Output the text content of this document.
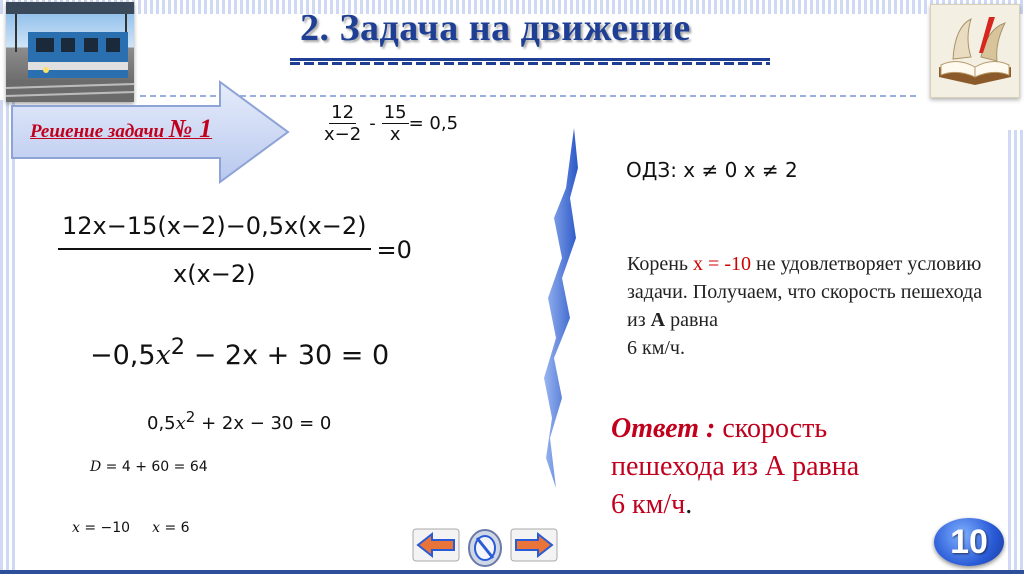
2. Задача на движение
Решение задачи № 1	$\frac{12}{x-2} - \frac{15}{x} = 0,5$
ОДЗ: x ≠ 0 x ≠ 2
$\frac{12x-15(x-2)-0,5x(x-2)}{x(x-2)} =0$
$-0,5x^2 - 2x + 30 = 0$
$0,5x^2 + 2x - 30 = 0$
D = 4 + 60 = 64
x = −10 x = 6
Корень x = -10 не удовлетворяет условию задачи. Получаем, что скорость пешехода из А равна
6 км/ч.
Ответ : скорость пешехода из А равна
6 км/ч.
10
